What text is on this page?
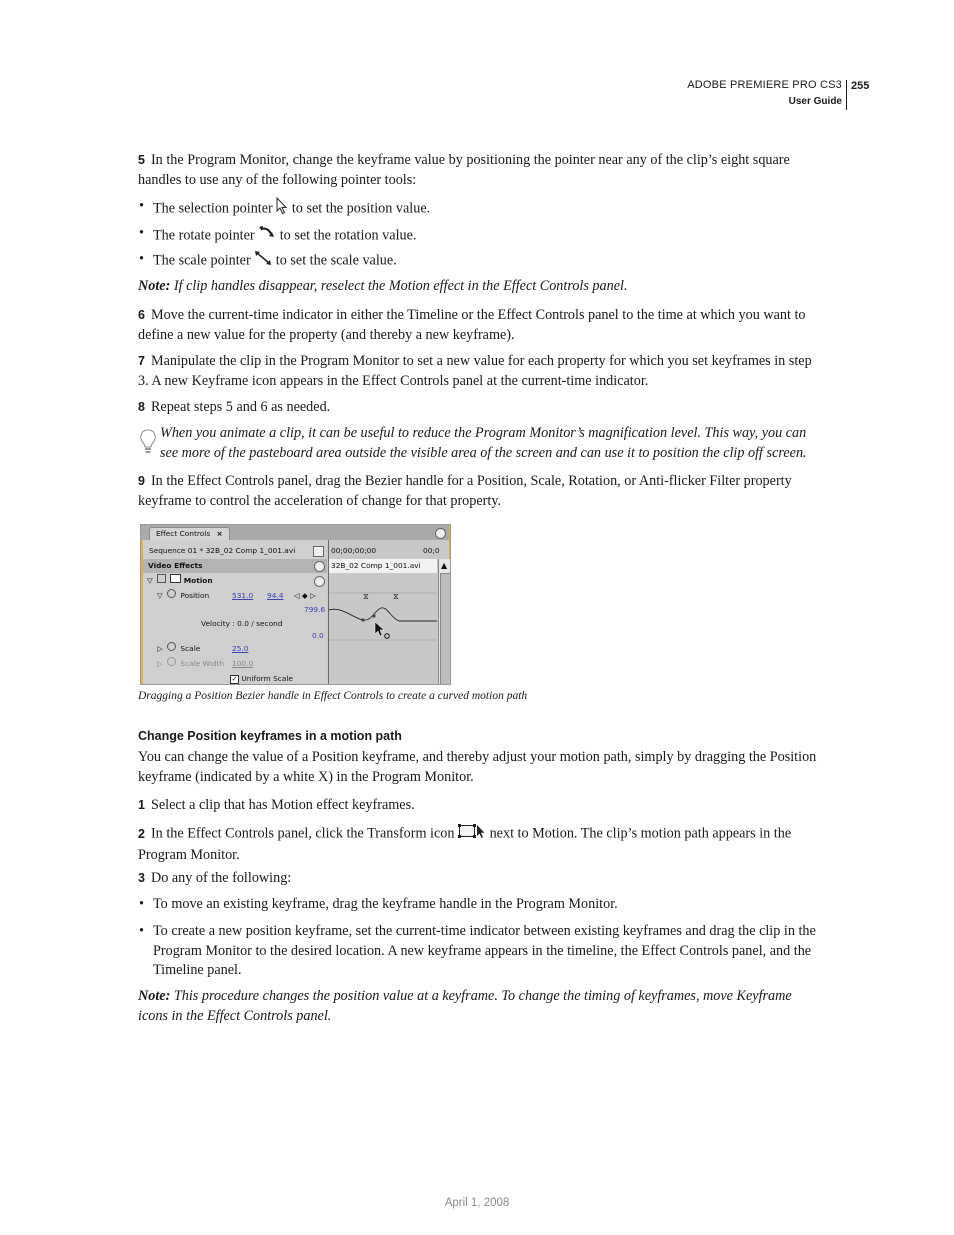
ADOBE PREMIERE PRO CS3
User Guide
255
5 In the Program Monitor, change the keyframe value by positioning the pointer near any of the clip’s eight square handles to use any of the following pointer tools:
• The selection pointer to set the position value.
• The rotate pointer to set the rotation value.
• The scale pointer to set the scale value.
Note: If clip handles disappear, reselect the Motion effect in the Effect Controls panel.
6 Move the current-time indicator in either the Timeline or the Effect Controls panel to the time at which you want to define a new value for the property (and thereby a new keyframe).
7 Manipulate the clip in the Program Monitor to set a new value for each property for which you set keyframes in step 3. A new Keyframe icon appears in the Effect Controls panel at the current-time indicator.
8 Repeat steps 5 and 6 as needed.
When you animate a clip, it can be useful to reduce the Program Monitor’s magnification level. This way, you can see more of the pasteboard area outside the visible area of the screen and can use it to position the clip off screen.
9 In the Effect Controls panel, drag the Bezier handle for a Position, Scale, Rotation, or Anti-flicker Filter property keyframe to control the acceleration of change for that property.
Effect Controls ×
Sequence 01 * 32B_02 Comp 1_001.avi	00;00;00;00	00;0
Video Effects	32B_02 Comp 1_001.avi	▲
▽	Motion
▽ Position	531.0 94.4 ◁ ◆ ▷
799.6
Velocity : 0.0 / second
0.0
⧖	⧖
▷ Scale	25.0
▷ Scale Width 100.0
✓ Uniform Scale
Dragging a Position Bezier handle in Effect Controls to create a curved motion path
Change Position keyframes in a motion path
You can change the value of a Position keyframe, and thereby adjust your motion path, simply by dragging the Position keyframe (indicated by a white X) in the Program Monitor.
1 Select a clip that has Motion effect keyframes.
2 In the Effect Controls panel, click the Transform icon next to Motion. The clip’s motion path appears in the Program Monitor.
3 Do any of the following:
• To move an existing keyframe, drag the keyframe handle in the Program Monitor.
• To create a new position keyframe, set the current-time indicator between existing keyframes and drag the clip in the Program Monitor to the desired location. A new keyframe appears in the timeline, the Effect Controls panel, and the Timeline panel.
Note: This procedure changes the position value at a keyframe. To change the timing of keyframes, move Keyframe icons in the Effect Controls panel.
April 1, 2008
